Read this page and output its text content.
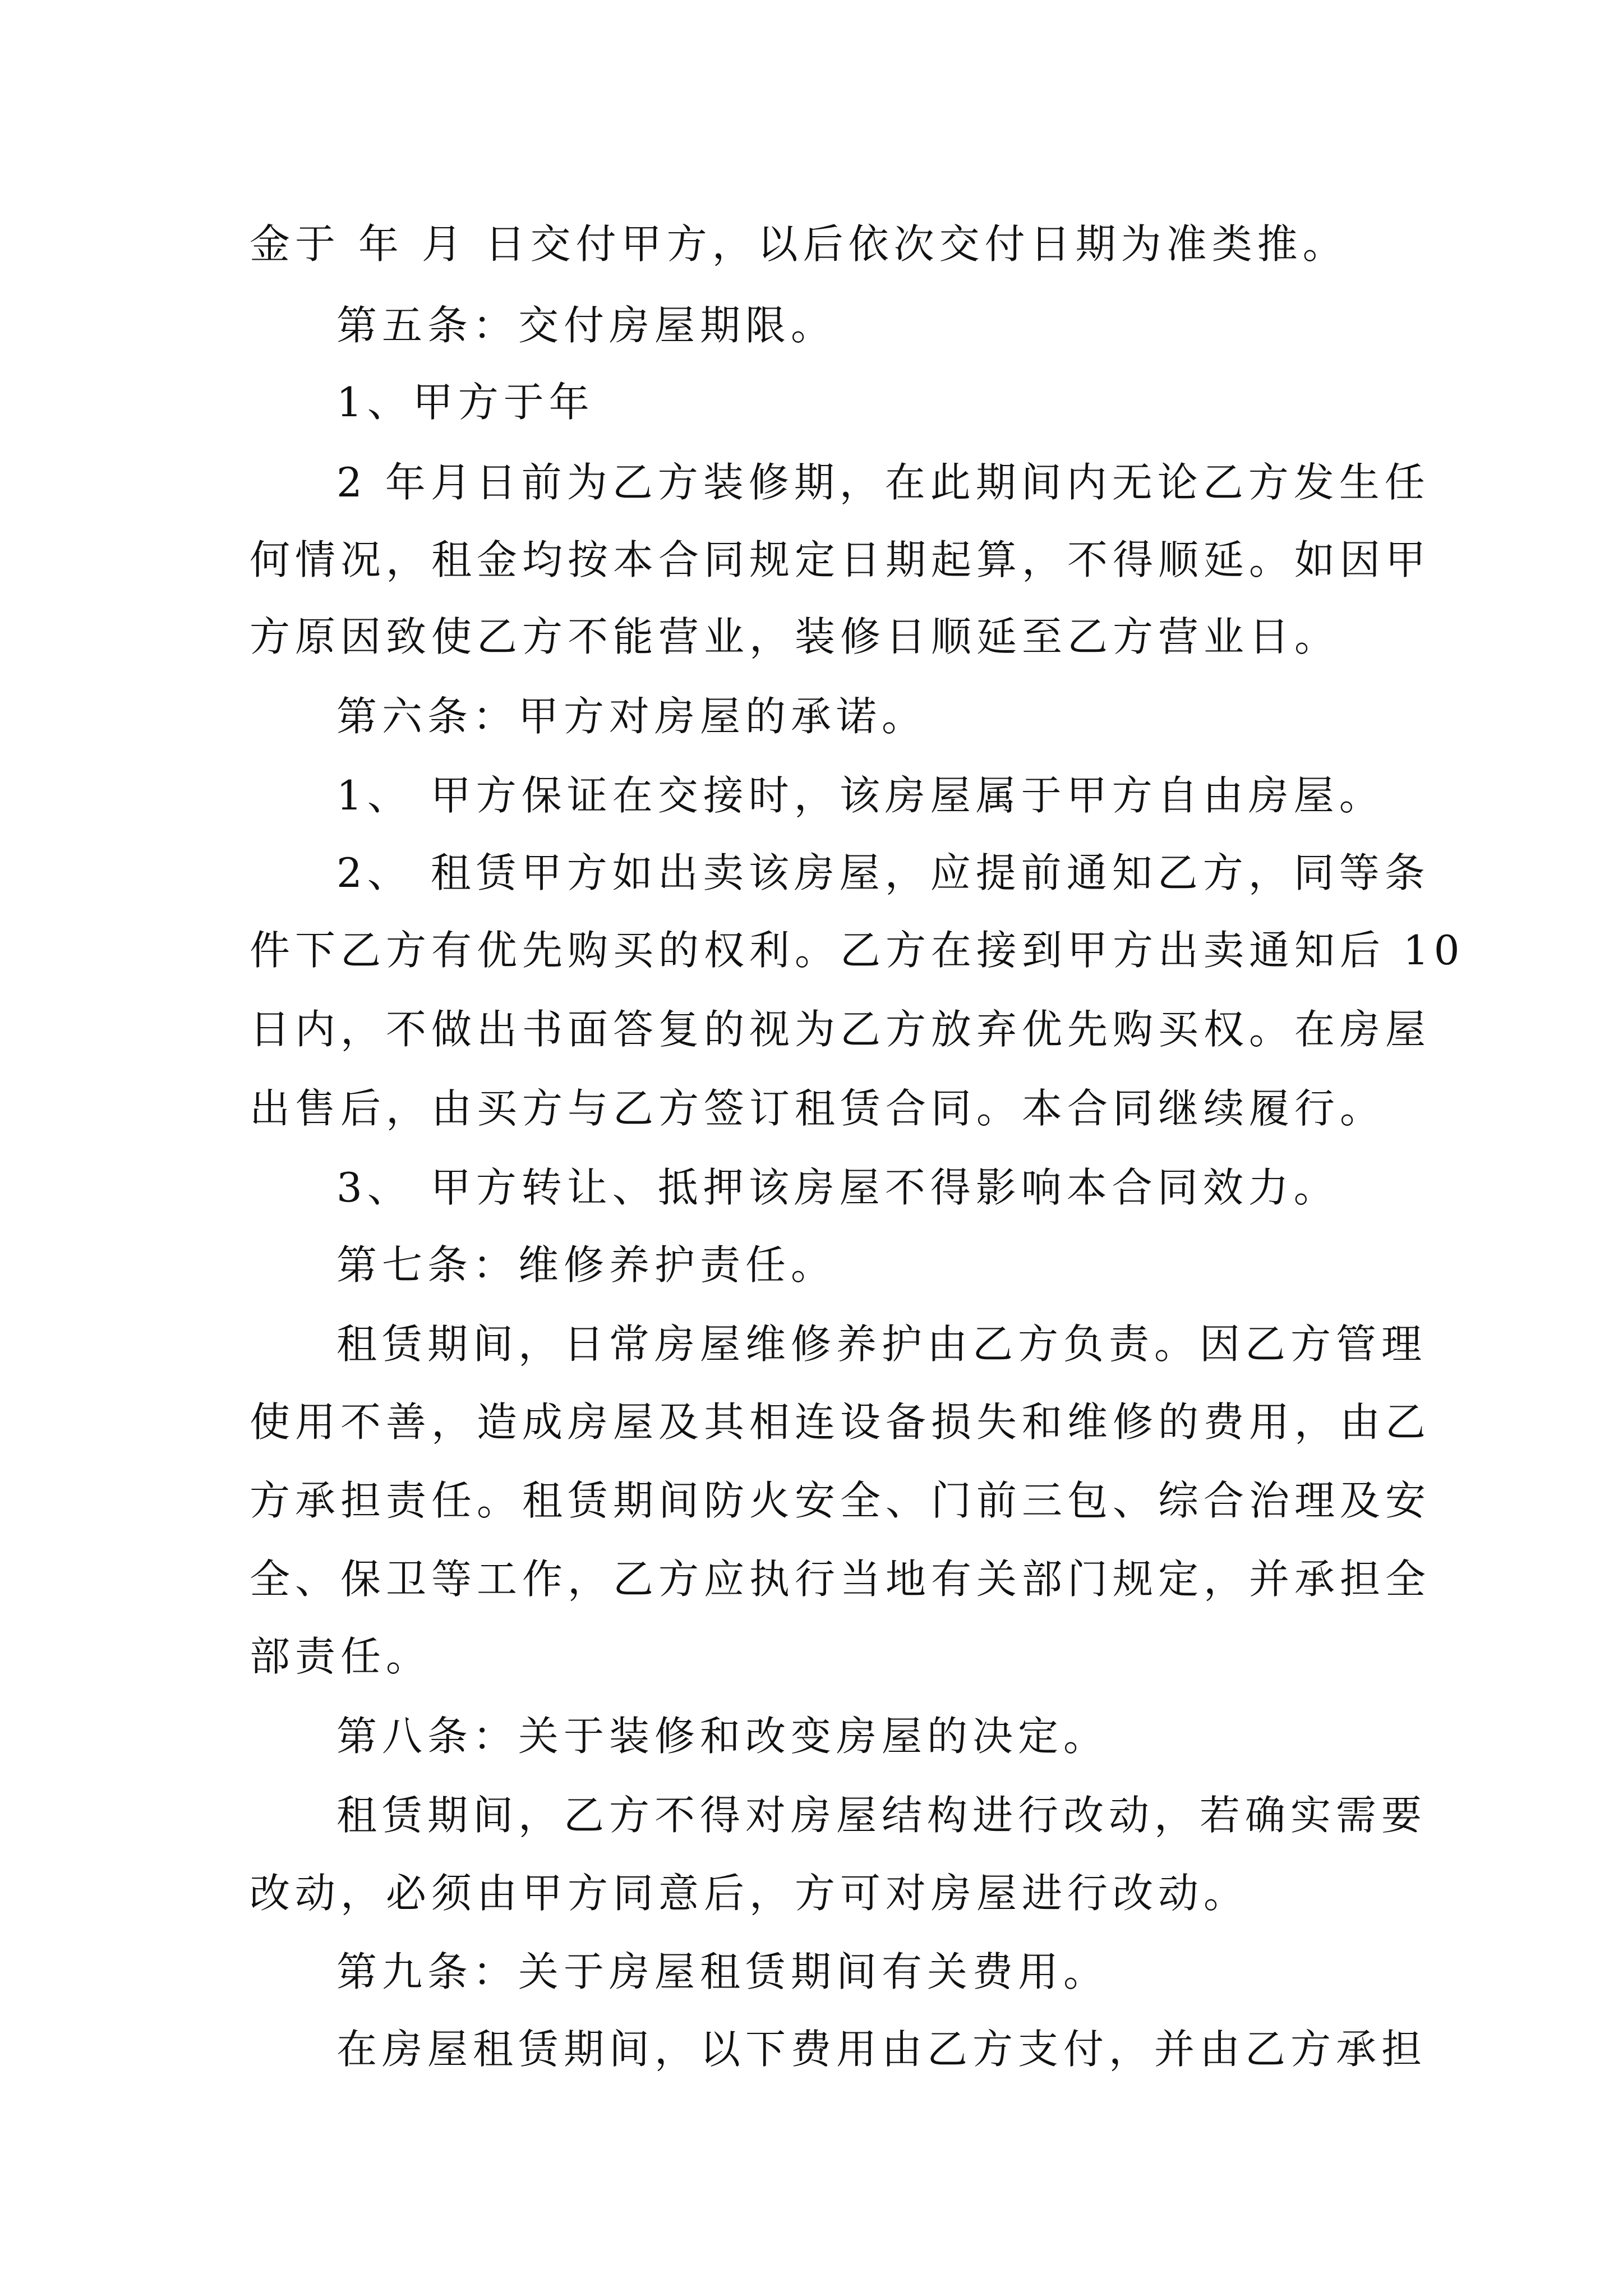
金于 年 月 日交付甲方，以后依次交付日期为准类推。
第五条：交付房屋期限。
1、甲方于年
2 年月日前为乙方装修期，在此期间内无论乙方发生任
何情况，租金均按本合同规定日期起算，不得顺延。如因甲
方原因致使乙方不能营业，装修日顺延至乙方营业日。
第六条：甲方对房屋的承诺。
1、 甲方保证在交接时，该房屋属于甲方自由房屋。
2、 租赁甲方如出卖该房屋，应提前通知乙方，同等条
件下乙方有优先购买的权利。乙方在接到甲方出卖通知后 10
日内，不做出书面答复的视为乙方放弃优先购买权。在房屋
出售后，由买方与乙方签订租赁合同。本合同继续履行。
3、 甲方转让、抵押该房屋不得影响本合同效力。
第七条：维修养护责任。
租赁期间，日常房屋维修养护由乙方负责。因乙方管理
使用不善，造成房屋及其相连设备损失和维修的费用，由乙
方承担责任。租赁期间防火安全、门前三包、综合治理及安
全、保卫等工作，乙方应执行当地有关部门规定，并承担全
部责任。
第八条：关于装修和改变房屋的决定。
租赁期间，乙方不得对房屋结构进行改动，若确实需要
改动，必须由甲方同意后，方可对房屋进行改动。
第九条：关于房屋租赁期间有关费用。
在房屋租赁期间，以下费用由乙方支付，并由乙方承担
